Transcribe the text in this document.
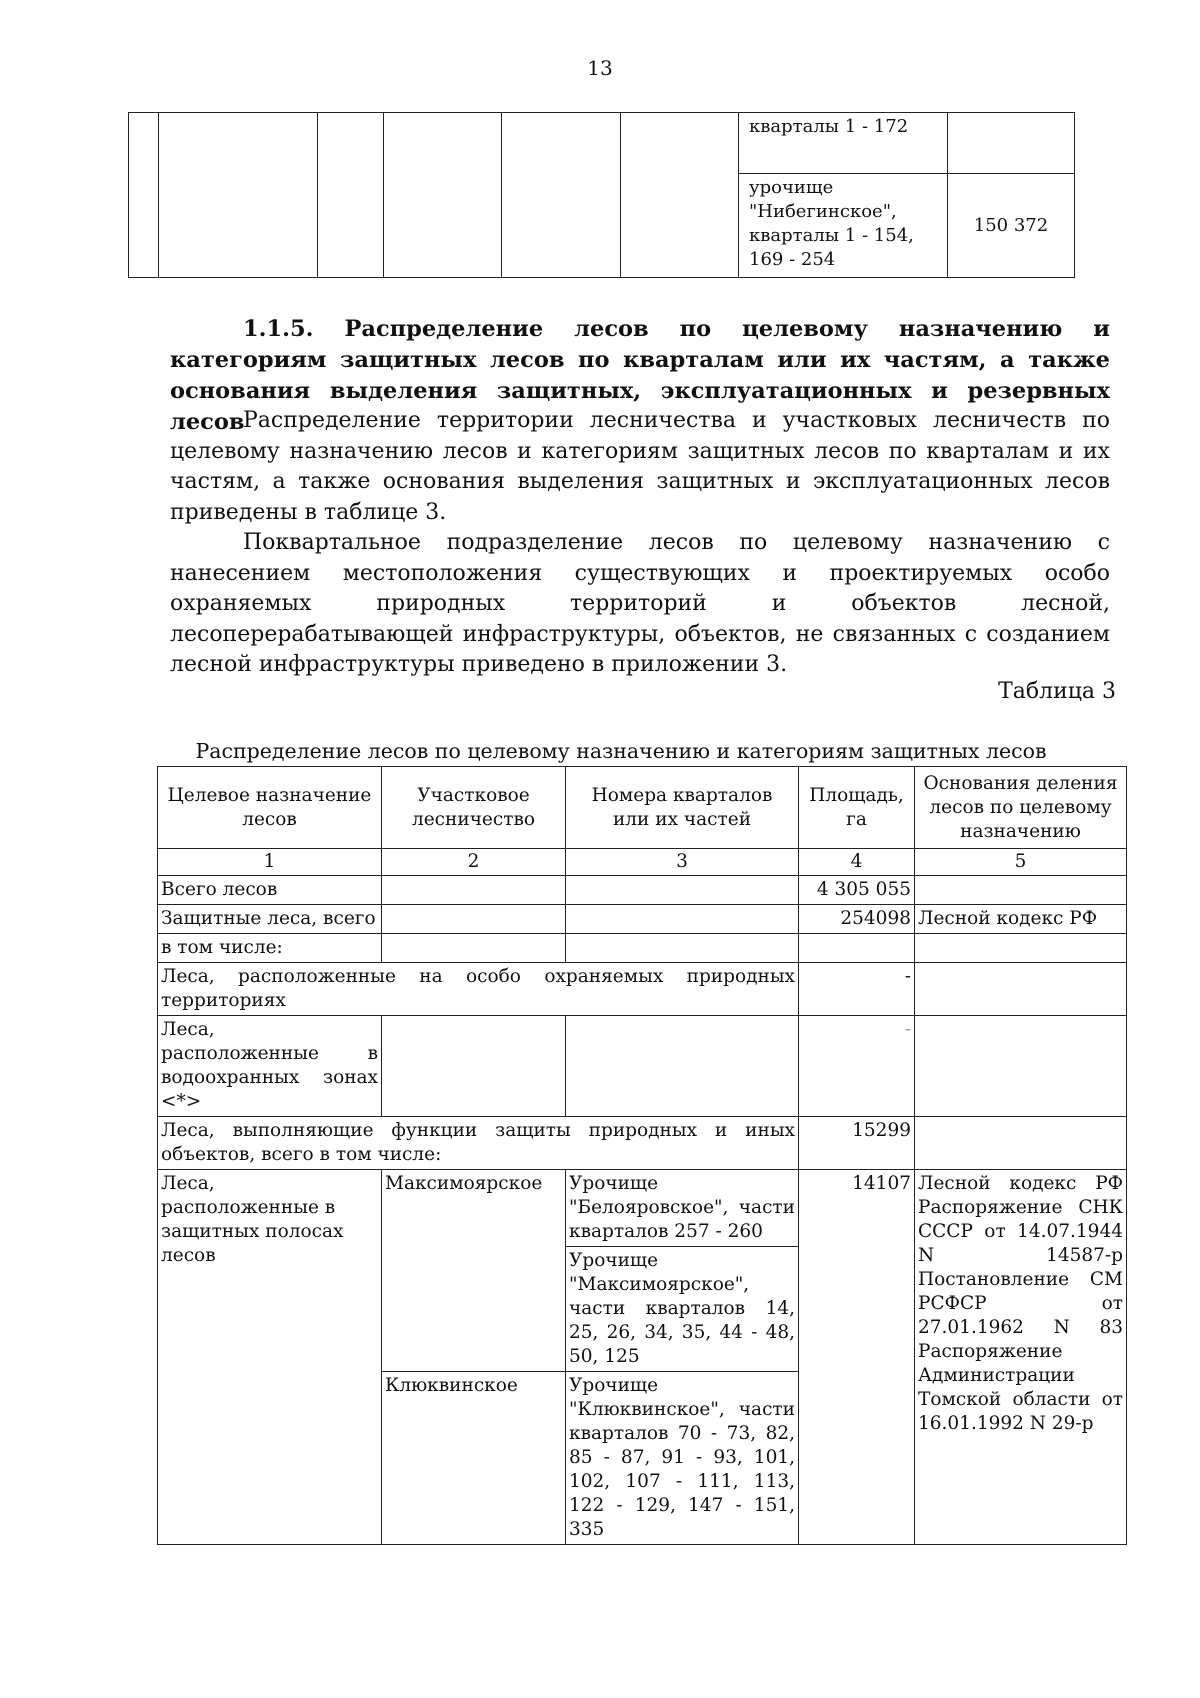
13
						кварталы 1 - 172	
						урочище "Нибегинское", кварталы 1 - 154, 169 - 254	150 372

1.1.5. Распределение лесов по целевому назначению и категориям защитных лесов по кварталам или их частям, а также основания выделения защитных, эксплуатационных и резервных лесов

Распределение территории лесничества и участковых лесничеств по целевому назначению лесов и категориям защитных лесов по кварталам и их частям, а также основания выделения защитных и эксплуатационных лесов приведены в таблице 3.

Поквартальное подразделение лесов по целевому назначению с нанесением местоположения существующих и проектируемых особо охраняемых природных территорий и объектов лесной, лесоперерабатывающей инфраструктуры, объектов, не связанных с созданием лесной инфраструктуры приведено в приложении 3.

Таблица 3
Распределение лесов по целевому назначению и категориям защитных лесов
Целевое назначение лесов	Участковое лесничество	Номера кварталов или их частей	Площадь, га	Основания деления лесов по целевому назначению
1	2	3	4	5
Всего лесов			4 305 055	
Защитные леса, всего			254098	Лесной кодекс РФ
в том числе:				
Леса, расположенные на особо охраняемых природных территориях			-	
Леса, расположенные в водоохранных зонах <*>			-	
Леса, выполняющие функции защиты природных и иных объектов, всего в том числе:			15299	
Леса, расположенные в защитных полосах лесов	Максимоярское	Урочище "Белояровское", части кварталов 257 - 260	14107	Лесной кодекс РФ Распоряжение СНК СССР от 14.07.1944 N 14587-р Постановление СМ РСФСР от 27.01.1962 N 83 Распоряжение Администрации Томской области от 16.01.1992 N 29-р
		Урочище "Максимоярское", части кварталов 14, 25, 26, 34, 35, 44 - 48, 50, 125		
	Клюквинское	Урочище "Клюквинское", части кварталов 70 - 73, 82, 85 - 87, 91 - 93, 101, 102, 107 - 111, 113, 122 - 129, 147 - 151, 335		
